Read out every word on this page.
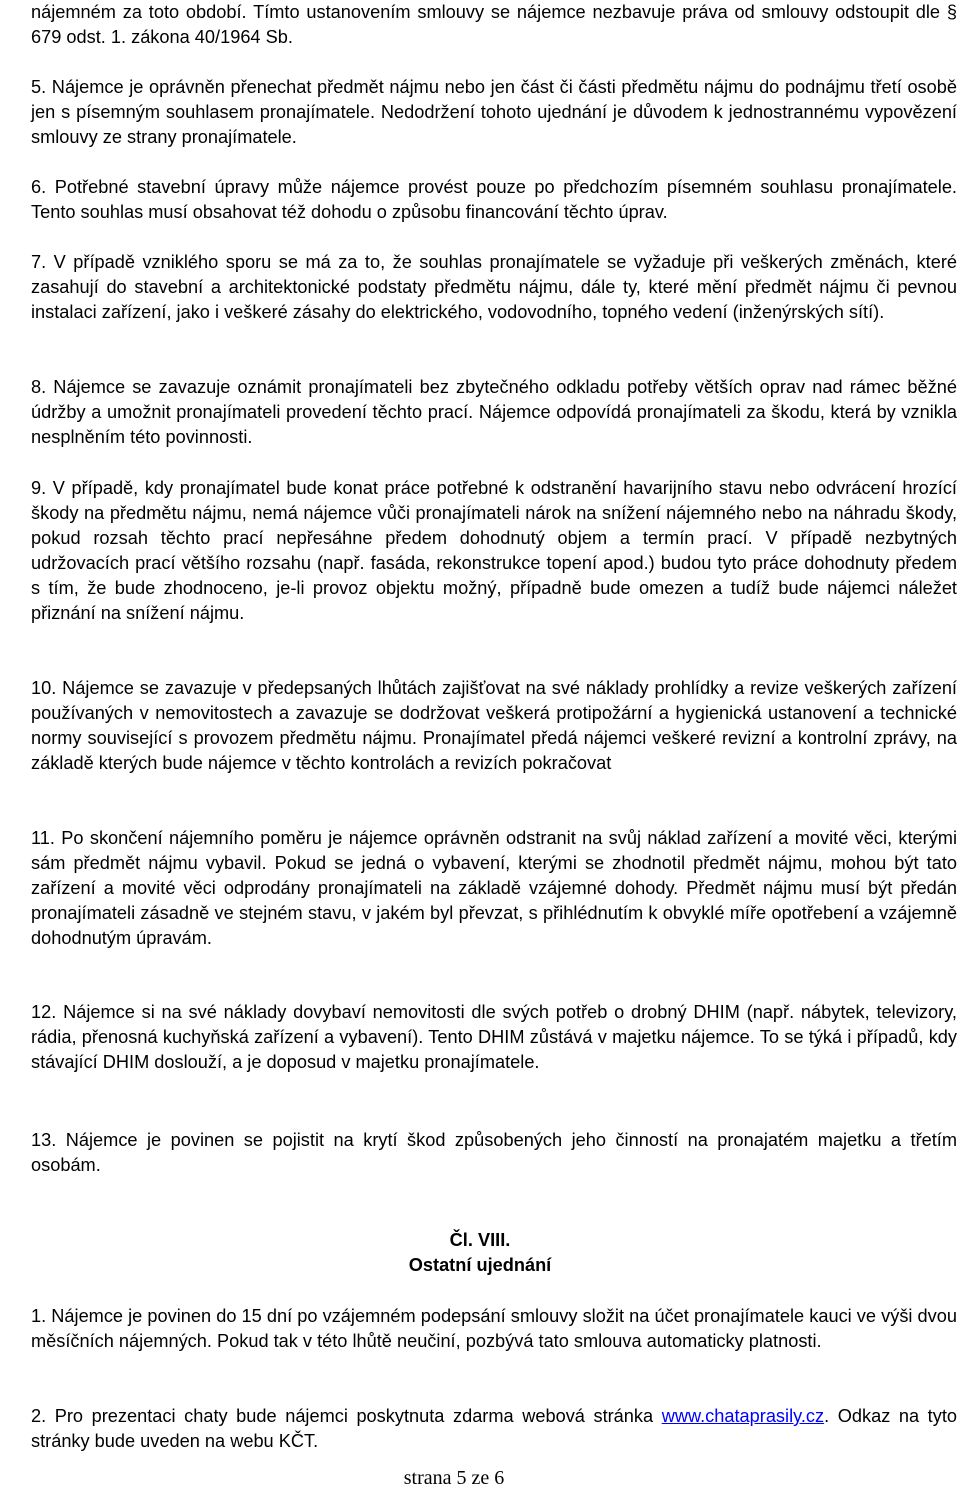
nájemném za toto období. Tímto ustanovením smlouvy se nájemce nezbavuje práva od smlouvy odstoupit dle § 679 odst. 1. zákona 40/1964 Sb.

5. Nájemce je oprávněn přenechat předmět nájmu nebo jen část či části předmětu nájmu do podnájmu třetí osobě jen s písemným souhlasem pronajímatele. Nedodržení tohoto ujednání je důvodem k jednostrannému vypovězení smlouvy ze strany pronajímatele.

6. Potřebné stavební úpravy může nájemce provést pouze po předchozím písemném souhlasu pronajímatele. Tento souhlas musí obsahovat též dohodu o způsobu financování těchto úprav.

7. V případě vzniklého sporu se má za to, že souhlas pronajímatele se vyžaduje při veškerých změnách, které zasahují do stavební a architektonické podstaty předmětu nájmu, dále ty, které mění předmět nájmu či pevnou instalaci zařízení, jako i veškeré zásahy do elektrického, vodovodního, topného vedení (inženýrských sítí).

8. Nájemce se zavazuje oznámit pronajímateli bez zbytečného odkladu potřeby větších oprav nad rámec běžné údržby a umožnit pronajímateli provedení těchto prací. Nájemce odpovídá pronajímateli za škodu, která by vznikla nesplněním této povinnosti.

9. V případě, kdy pronajímatel bude konat práce potřebné k odstranění havarijního stavu nebo odvrácení hrozící škody na předmětu nájmu, nemá nájemce vůči pronajímateli nárok na snížení nájemného nebo na náhradu škody, pokud rozsah těchto prací nepřesáhne předem dohodnutý objem a termín prací. V případě nezbytných udržovacích prací většího rozsahu (např. fasáda, rekonstrukce topení apod.) budou tyto práce dohodnuty předem s tím, že bude zhodnoceno, je-li provoz objektu možný, případně bude omezen a tudíž bude nájemci náležet přiznání na snížení nájmu.

10. Nájemce se zavazuje v předepsaných lhůtách zajišťovat na své náklady prohlídky a revize veškerých zařízení používaných v nemovitostech a zavazuje se dodržovat veškerá protipožární a hygienická ustanovení a technické normy související s provozem předmětu nájmu. Pronajímatel předá nájemci veškeré revizní a kontrolní zprávy, na základě kterých bude nájemce v těchto kontrolách a revizích pokračovat

11. Po skončení nájemního poměru je nájemce oprávněn odstranit na svůj náklad zařízení a movité věci, kterými sám předmět nájmu vybavil. Pokud se jedná o vybavení, kterými se zhodnotil předmět nájmu, mohou být tato zařízení a movité věci odprodány pronajímateli na základě vzájemné dohody. Předmět nájmu musí být předán pronajímateli zásadně ve stejném stavu, v jakém byl převzat, s přihlédnutím k obvyklé míře opotřebení a vzájemně dohodnutým úpravám.

12. Nájemce si na své náklady dovybaví nemovitosti dle svých potřeb o drobný DHIM (např. nábytek, televizory, rádia, přenosná kuchyňská zařízení a vybavení). Tento DHIM zůstává v majetku nájemce. To se týká i případů, kdy stávající DHIM doslouží, a je doposud v majetku pronajímatele.

13. Nájemce je povinen se pojistit na krytí škod způsobených jeho činností na pronajatém majetku a třetím osobám.

Čl. VIII.

Ostatní ujednání

1. Nájemce je povinen do 15 dní po vzájemném podepsání smlouvy složit na účet pronajímatele kauci ve výši dvou měsíčních nájemných. Pokud tak v této lhůtě neučiní, pozbývá tato smlouva automaticky platnosti.

2. Pro prezentaci chaty bude nájemci poskytnuta zdarma webová stránka www.chataprasily.cz. Odkaz na tyto stránky bude uveden na webu KČT.

strana 5 ze 6
